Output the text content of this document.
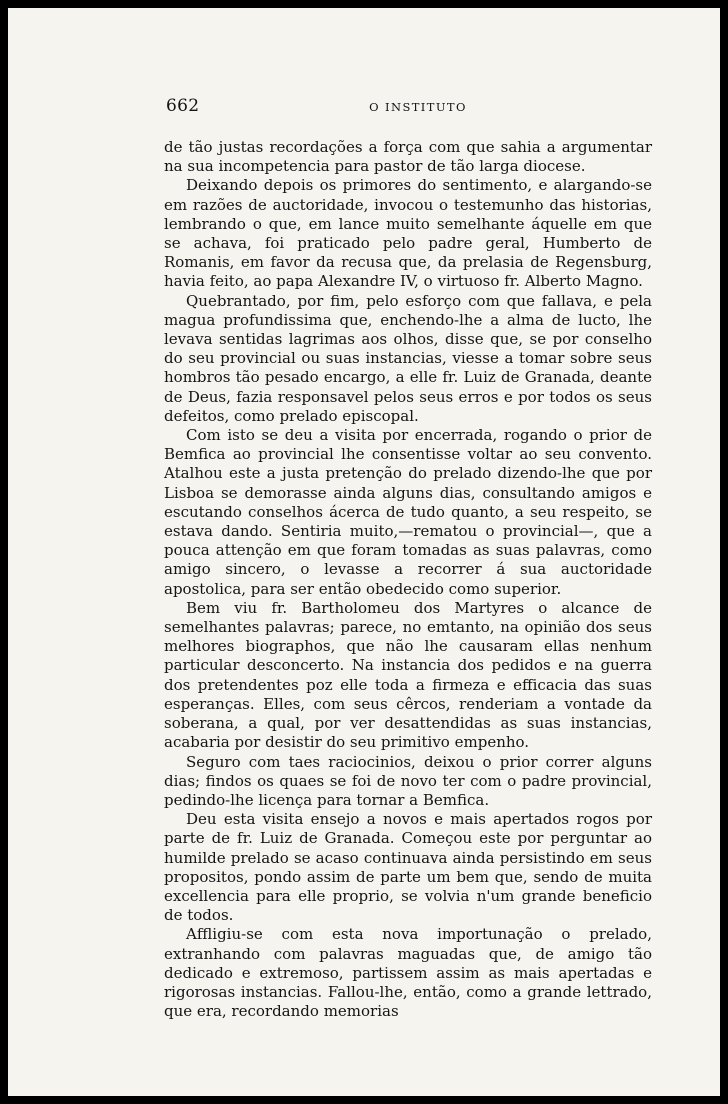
662	O INSTITUTO

de tão justas recordações a força com que sahia a argumentar na sua incompetencia para pastor de tão larga diocese.

Deixando depois os primores do sentimento, e alargando-se em razões de auctoridade, invocou o testemunho das historias, lembrando o que, em lance muito semelhante áquelle em que se achava, foi praticado pelo padre geral, Humberto de Romanis, em favor da recusa que, da prelasia de Regensburg, havia feito, ao papa Alexandre IV, o virtuoso fr. Alberto Magno.

Quebrantado, por fim, pelo esforço com que fallava, e pela magua profundissima que, enchendo-lhe a alma de lucto, lhe levava sentidas lagrimas aos olhos, disse que, se por conselho do seu provincial ou suas instancias, viesse a tomar sobre seus hombros tão pesado encargo, a elle fr. Luiz de Granada, deante de Deus, fazia responsavel pelos seus erros e por todos os seus defeitos, como prelado episcopal.

Com isto se deu a visita por encerrada, rogando o prior de Bemfica ao provincial lhe consentisse voltar ao seu convento. Atalhou este a justa pretenção do prelado dizendo-lhe que por Lisboa se demorasse ainda alguns dias, consultando amigos e escutando conselhos ácerca de tudo quanto, a seu respeito, se estava dando. Sentiria muito,—rematou o provincial—, que a pouca attenção em que foram tomadas as suas palavras, como amigo sincero, o levasse a recorrer á sua auctoridade apostolica, para ser então obedecido como superior.

Bem viu fr. Bartholomeu dos Martyres o alcance de semelhantes palavras; parece, no emtanto, na opinião dos seus melhores biographos, que não lhe causaram ellas nenhum particular desconcerto. Na instancia dos pedidos e na guerra dos pretendentes poz elle toda a firmeza e efficacia das suas esperanças. Elles, com seus cêrcos, renderiam a vontade da soberana, a qual, por ver desattendidas as suas instancias, acabaria por desistir do seu primitivo empenho.

Seguro com taes raciocinios, deixou o prior correr alguns dias; findos os quaes se foi de novo ter com o padre provincial, pedindo-lhe licença para tornar a Bemfica.

Deu esta visita ensejo a novos e mais apertados rogos por parte de fr. Luiz de Granada. Começou este por perguntar ao humilde prelado se acaso continuava ainda persistindo em seus propositos, pondo assim de parte um bem que, sendo de muita excellencia para elle proprio, se volvia n'um grande beneficio de todos.

Affligiu-se com esta nova importunação o prelado, extranhando com palavras maguadas que, de amigo tão dedicado e extremoso, partissem assim as mais apertadas e rigorosas instancias. Fallou-lhe, então, como a grande lettrado, que era, recordando memorias
